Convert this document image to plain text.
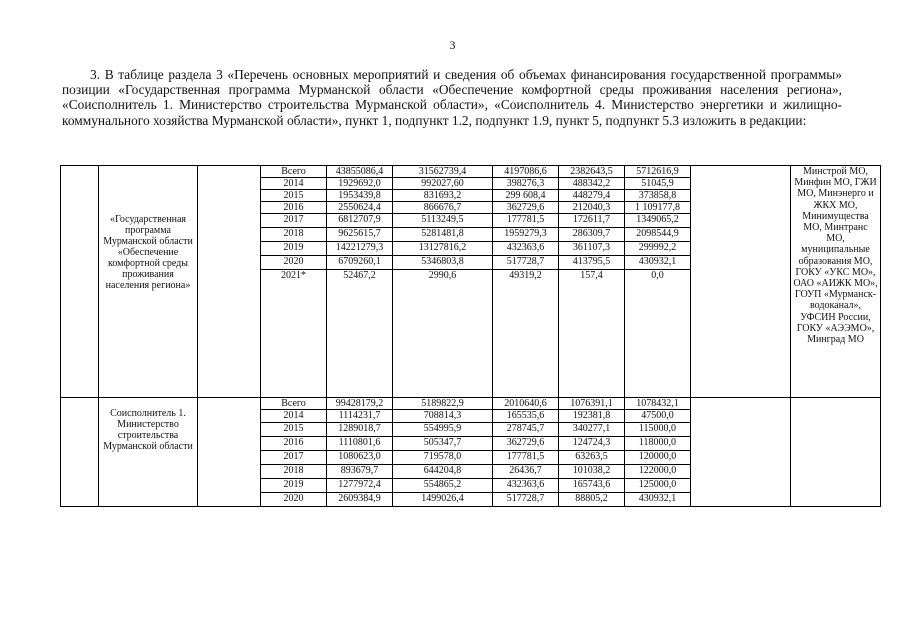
3
3. В таблице раздела 3 «Перечень основных мероприятий и сведения об объемах финансирования государственной программы» позиции «Государственная программа Мурманской области «Обеспечение комфортной среды проживания населения региона», «Соисполнитель 1. Министерство строительства Мурманской области», «Соисполнитель 4. Министерство энергетики и жилищно-коммунального хозяйства Мурманской области», пункт 1, подпункт 1.2, подпункт 1.9, пункт 5, подпункт 5.3 изложить в редакции:

	«Государственная программа Мурманской области «Обеспечение комфортной среды проживания населения региона»		Всего	43855086,4	31562739,4	4197086,6	2382643,5	5712616,9		Минстрой МО, Минфин МО, ГЖИ МО, Минэнерго и ЖКХ МО, Минимущества МО, Минтранс МО, муниципальные образования МО, ГОКУ «УКС МО», ОАО «АИЖК МО», ГОУП «Мурманск-водоканал», УФСИН России, ГОКУ «АЭЭМО», Минград МО
			2014	1929692,0	992027,60	398276,3	488342,2	51045,9		
			2015	1953439,8	831693,2	299 608,4	448279,4	373858,8		
			2016	2550624,4	866676,7	362729,6	212040,3	1 109177,8		
			2017	6812707,9	5113249,5	177781,5	172611,7	1349065,2		
			2018	9625615,7	5281481,8	1959279,3	286309,7	2098544,9		
			2019	14221279,3	13127816,2	432363,6	361107,3	299992,2		
			2020	6709260,1	5346803,8	517728,7	413795,5	430932,1		
			2021*	52467,2	2990,6	49319,2	157,4	0,0		

	Соисполнитель 1. Министерство строительства Мурманской области		Всего	99428179,2	5189822,9	2010640,6	1076391,1	1078432,1		
			2014	1114231,7	708814,3	165535,6	192381,8	47500,0		
			2015	1289018,7	554995,9	278745,7	340277,1	115000,0		
			2016	1110801,6	505347,7	362729,6	124724,3	118000,0		
			2017	1080623,0	719578,0	177781,5	63263,5	120000,0		
			2018	893679,7	644204,8	26436,7	101038,2	122000,0		
			2019	1277972,4	554865,2	432363,6	165743,6	125000,0		
			2020	2609384,9	1499026,4	517728,7	88805,2	430932,1		
